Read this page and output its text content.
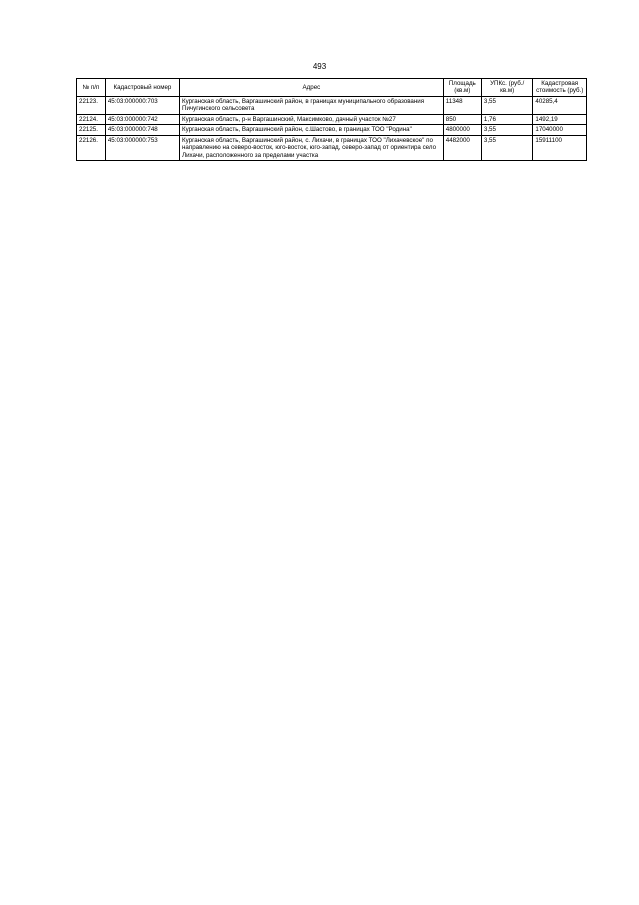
493
№ п/п	Кадастровый номер	Адрес	Площадь (кв.м)	УПКс. (руб./кв.м)	Кадастровая стоимость (руб.)
22123.	45:03:000000:703	Курганская область, Варгашинский район, в границах муниципального образования Пичугинского сельсовета	11348	3,55	40285,4
22124.	45:03:000000:742	Курганская область, р-н Варгашинский, Максимково, дачный участок №27	850	1,76	1492,19
22125.	45:03:000000:748	Курганская область, Варгашинский район, с.Шастово, в границах ТОО "Родина"	4800000	3,55	17040000
22126.	45:03:000000:753	Курганская область, Варгашинский район, с. Лихачи, в границах ТОО "Лихачевское" по направлению на северо-восток, юго-восток, юго-запад, северо-запад от ориентира село Лихачи, расположенного за пределами участка	4482000	3,55	15911100
